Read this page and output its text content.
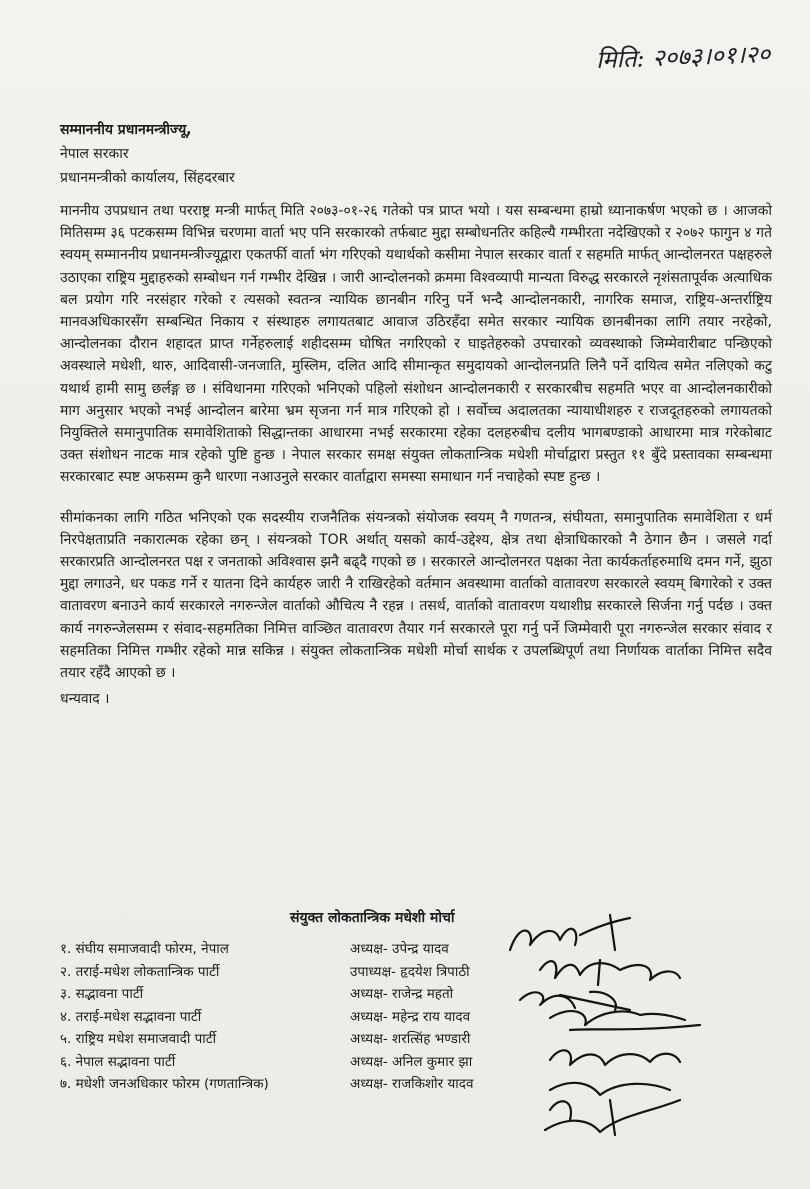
मिति: २०७३।०१।२०
सम्माननीय प्रधानमन्त्रीज्यू,
नेपाल सरकार
प्रधानमन्त्रीको कार्यालय, सिंहदरबार

माननीय उपप्रधान तथा परराष्ट्र मन्त्री मार्फत् मिति २०७३-०१-२६ गतेको पत्र प्राप्त भयो । यस सम्बन्धमा हाम्रो ध्यानाकर्षण भएको छ । आजको मितिसम्म ३६ पटकसम्म विभिन्न चरणमा वार्ता भए पनि सरकारको तर्फबाट मुद्दा सम्बोधनतिर कहिल्यै गम्भीरता नदेखिएको र २०७२ फागुन ४ गते स्वयम् सम्माननीय प्रधानमन्त्रीज्यूद्वारा एकतर्फी वार्ता भंग गरिएको यथार्थको कसीमा नेपाल सरकार वार्ता र सहमति मार्फत् आन्दोलनरत पक्षहरुले उठाएका राष्ट्रिय मुद्दाहरुको सम्बोधन गर्न गम्भीर देखिन्न । जारी आन्दोलनको क्रममा विश्वव्यापी मान्यता विरुद्ध सरकारले नृशंसतापूर्वक अत्याधिक बल प्रयोग गरि नरसंहार गरेको र त्यसको स्वतन्त्र न्यायिक छानबीन गरिनु पर्ने भन्दै आन्दोलनकारी, नागरिक समाज, राष्ट्रिय-अन्तर्राष्ट्रिय मानवअधिकारसँग सम्बन्धित निकाय र संस्थाहरु लगायतबाट आवाज उठिरहँदा समेत सरकार न्यायिक छानबीनका लागि तयार नरहेको, आन्दोलनका दौरान शहादत प्राप्त गर्नेहरुलाई शहीदसम्म घोषित नगरिएको र घाइतेहरुको उपचारको व्यवस्थाको जिम्मेवारीबाट पन्छिएको अवस्थाले मधेशी, थारु, आदिवासी-जनजाति, मुस्लिम, दलित आदि सीमान्कृत समुदायको आन्दोलनप्रति लिनै पर्ने दायित्व समेत नलिएको कटु यथार्थ हामी सामु छर्लङ्ग छ । संविधानमा गरिएको भनिएको पहिलो संशोधन आन्दोलनकारी र सरकारबीच सहमति भएर वा आन्दोलनकारीको माग अनुसार भएको नभई आन्दोलन बारेमा भ्रम सृजना गर्न मात्र गरिएको हो । सर्वोच्च अदालतका न्यायाधीशहरु र राजदूतहरुको लगायतको नियुक्तिले समानुपातिक समावेशिताको सिद्धान्तका आधारमा नभई सरकारमा रहेका दलहरुबीच दलीय भागबण्डाको आधारमा मात्र गरेकोबाट उक्त संशोधन नाटक मात्र रहेको पुष्टि हुन्छ । नेपाल सरकार समक्ष संयुक्त लोकतान्त्रिक मधेशी मोर्चाद्वारा प्रस्तुत ११ बुँदे प्रस्तावका सम्बन्धमा सरकारबाट स्पष्ट अफसम्म कुनै धारणा नआउनुले सरकार वार्ताद्वारा समस्या समाधान गर्न नचाहेको स्पष्ट हुन्छ ।

सीमांकनका लागि गठित भनिएको एक सदस्यीय राजनैतिक संयन्त्रको संयोजक स्वयम् नै गणतन्त्र, संघीयता, समानुपातिक समावेशिता र धर्म निरपेक्षताप्रति नकारात्मक रहेका छन् । संयन्त्रको TOR अर्थात् यसको कार्य-उद्देश्य, क्षेत्र तथा क्षेत्राधिकारको नै ठेगान छैन । जसले गर्दा सरकारप्रति आन्दोलनरत पक्ष र जनताको अविश्वास झनै बढ्दै गएको छ । सरकारले आन्दोलनरत पक्षका नेता कार्यकर्ताहरुमाथि दमन गर्ने, झुठा मुद्दा लगाउने, धर पकड गर्ने र यातना दिने कार्यहरु जारी नै राखिरहेको वर्तमान अवस्थामा वार्ताको वातावरण सरकारले स्वयम् बिगारेको र उक्त वातावरण बनाउने कार्य सरकारले नगरुन्जेल वार्ताको औचित्य नै रहन्न । तसर्थ, वार्ताको वातावरण यथाशीघ्र सरकारले सिर्जना गर्नु पर्दछ । उक्त कार्य नगरुन्जेलसम्म र संवाद-सहमतिका निमित्त वाञ्छित वातावरण तैयार गर्न सरकारले पूरा गर्नु पर्ने जिम्मेवारी पूरा नगरुन्जेल सरकार संवाद र सहमतिका निमित्त गम्भीर रहेको मान्न सकिन्न । संयुक्त लोकतान्त्रिक मधेशी मोर्चा सार्थक र उपलब्धिपूर्ण तथा निर्णायक वार्ताका निमित्त सदैव तयार रहँदै आएको छ ।

धन्यवाद ।
संयुक्त लोकतान्त्रिक मधेशी मोर्चा
१. संघीय समाजवादी फोरम, नेपाल	अध्यक्ष- उपेन्द्र यादव
२. तराई-मधेश लोकतान्त्रिक पार्टी	उपाध्यक्ष- हृदयेश त्रिपाठी
३. सद्भावना पार्टी	अध्यक्ष- राजेन्द्र महतो
४. तराई-मधेश सद्भावना पार्टी	अध्यक्ष- महेन्द्र राय यादव
५. राष्ट्रिय मधेश समाजवादी पार्टी	अध्यक्ष- शरत्सिंह भण्डारी
६. नेपाल सद्भावना पार्टी	अध्यक्ष- अनिल कुमार झा
७. मधेशी जनअधिकार फोरम (गणतान्त्रिक)	अध्यक्ष- राजकिशोर यादव
